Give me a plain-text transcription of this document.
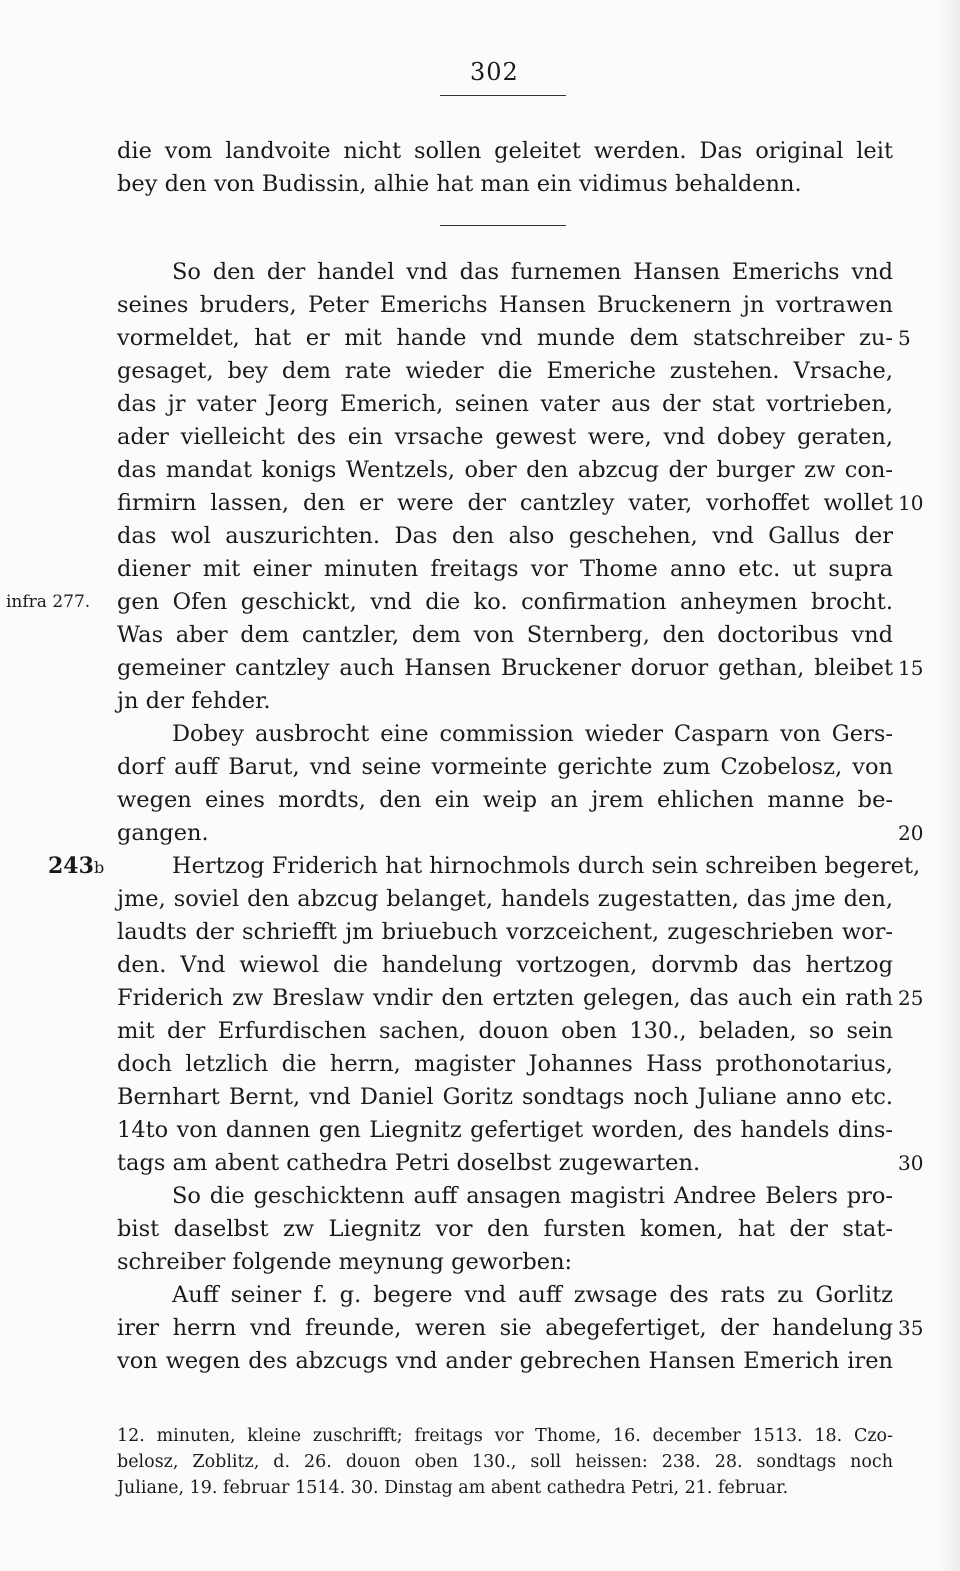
302
die vom landvoite nicht sollen geleitet werden. Das original leit
bey den von Budissin, alhie hat man ein vidimus behaldenn.
So den der handel vnd das furnemen Hansen Emerichs vnd
seines bruders, Peter Emerichs Hansen Bruckenern jn vortrawen
vormeldet, hat er mit hande vnd munde dem statschreiber zu-
gesaget, bey dem rate wieder die Emeriche zustehen. Vrsache,
das jr vater Jeorg Emerich, seinen vater aus der stat vortrieben,
ader vielleicht des ein vrsache gewest were, vnd dobey geraten,
das mandat konigs Wentzels, ober den abzcug der burger zw con-
firmirn lassen, den er were der cantzley vater, vorhoffet wollet
das wol auszurichten. Das den also geschehen, vnd Gallus der
diener mit einer minuten freitags vor Thome anno etc. ut supra
gen Ofen geschickt, vnd die ko. confirmation anheymen brocht.
Was aber dem cantzler, dem von Sternberg, den doctoribus vnd
gemeiner cantzley auch Hansen Bruckener doruor gethan, bleibet
jn der fehder.
Dobey ausbrocht eine commission wieder Casparn von Gers-
dorf auff Barut, vnd seine vormeinte gerichte zum Czobelosz, von
wegen eines mordts, den ein weip an jrem ehlichen manne be-
gangen.
Hertzog Friderich hat hirnochmols durch sein schreiben begeret,
jme, soviel den abzcug belanget, handels zugestatten, das jme den,
laudts der schriefft jm briuebuch vorzceichent, zugeschrieben wor-
den. Vnd wiewol die handelung vortzogen, dorvmb das hertzog
Friderich zw Breslaw vndir den ertzten gelegen, das auch ein rath
mit der Erfurdischen sachen, douon oben 130., beladen, so sein
doch letzlich die herrn, magister Johannes Hass prothonotarius,
Bernhart Bernt, vnd Daniel Goritz sondtags noch Juliane anno etc.
14to von dannen gen Liegnitz gefertiget worden, des handels dins-
tags am abent cathedra Petri doselbst zugewarten.
So die geschicktenn auff ansagen magistri Andree Belers pro-
bist daselbst zw Liegnitz vor den fursten komen, hat der stat-
schreiber folgende meynung geworben:
Auff seiner f. g. begere vnd auff zwsage des rats zu Gorlitz
irer herrn vnd freunde, weren sie abegefertiget, der handelung
von wegen des abzcugs vnd ander gebrechen Hansen Emerich iren
5
10
15
20
25
30
35
infra 277.
243b
12. minuten, kleine zuschrifft; freitags vor Thome, 16. december 1513. 18. Czo-
belosz, Zoblitz, d. 26. douon oben 130., soll heissen: 238. 28. sondtags noch
Juliane, 19. februar 1514. 30. Dinstag am abent cathedra Petri, 21. februar.
